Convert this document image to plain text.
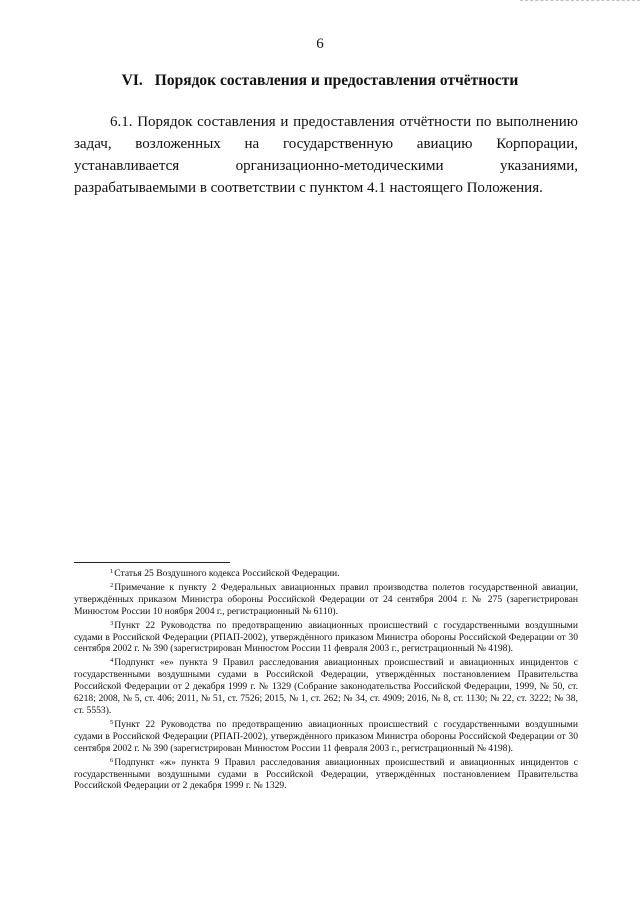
6
VI. Порядок составления и предоставления отчётности
6.1. Порядок составления и предоставления отчётности по выполнению
задач, возложенных на государственную авиацию Корпорации,
устанавливается организационно-методическими указаниями,
разрабатываемыми в соответствии с пунктом 4.1 настоящего Положения.

$^1$Статья 25 Воздушного кодекса Российской Федерации.

$^2$Примечание к пункту 2 Федеральных авиационных правил производства полетов государственной авиации, утверждённых приказом Министра обороны Российской Федерации от 24 сентября 2004 г. № 275 (зарегистрирован Минюстом России 10 ноября 2004 г., регистрационный № 6110).

$^3$Пункт 22 Руководства по предотвращению авиационных происшествий с государственными воздушными судами в Российской Федерации (РПАП-2002), утверждённого приказом Министра обороны Российской Федерации от 30 сентября 2002 г. № 390 (зарегистрирован Минюстом России 11 февраля 2003 г., регистрационный № 4198).

$^4$Подпункт «е» пункта 9 Правил расследования авиационных происшествий и авиационных инцидентов с государственными воздушными судами в Российской Федерации, утверждённых постановлением Правительства Российской Федерации от 2 декабря 1999 г. № 1329 (Собрание законодательства Российской Федерации, 1999, № 50, ст. 6218; 2008, № 5, ст. 406; 2011, № 51, ст. 7526; 2015, № 1, ст. 262; № 34, ст. 4909; 2016, № 8, ст. 1130; № 22, ст. 3222; № 38, ст. 5553).

$^5$Пункт 22 Руководства по предотвращению авиационных происшествий с государственными воздушными судами в Российской Федерации (РПАП-2002), утверждённого приказом Министра обороны Российской Федерации от 30 сентября 2002 г. № 390 (зарегистрирован Минюстом России 11 февраля 2003 г., регистрационный № 4198).

$^6$Подпункт «ж» пункта 9 Правил расследования авиационных происшествий и авиационных инцидентов с государственными воздушными судами в Российской Федерации, утверждённых постановлением Правительства Российской Федерации от 2 декабря 1999 г. № 1329.
